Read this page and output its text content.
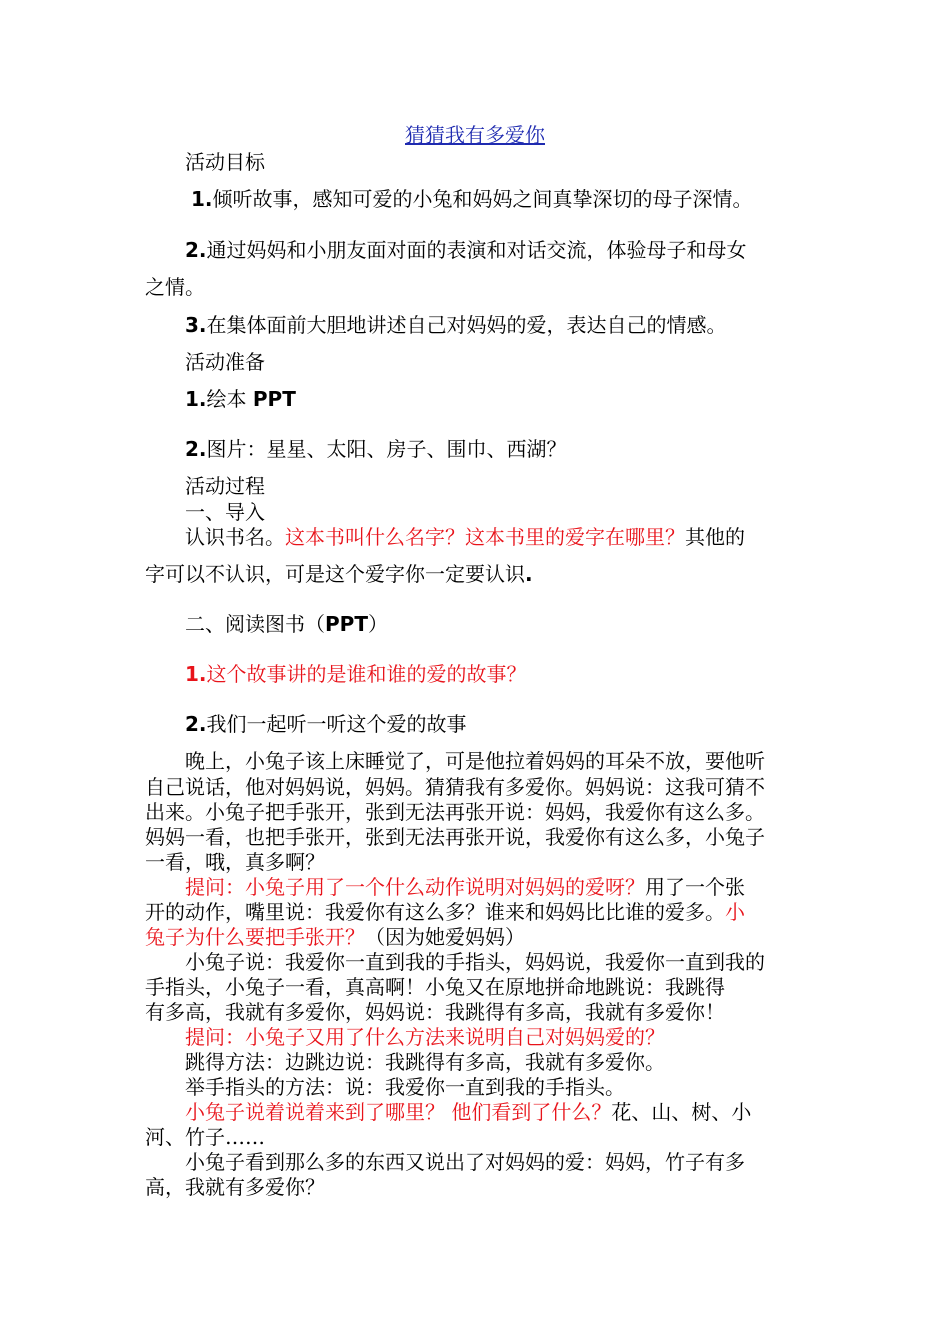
猜猜我有多爱你
活动目标
1.倾听故事，感知可爱的小兔和妈妈之间真挚深切的母子深情。
2.通过妈妈和小朋友面对面的表演和对话交流，体验母子和母女
之情。
3.在集体面前大胆地讲述自己对妈妈的爱，表达自己的情感。
活动准备
1.绘本 PPT
2.图片：星星、太阳、房子、围巾、西湖？
活动过程
一、导入
认识书名。这本书叫什么名字？这本书里的爱字在哪里？其他的
字可以不认识，可是这个爱字你一定要认识.
二、阅读图书（PPT）
1.这个故事讲的是谁和谁的爱的故事？
2.我们一起听一听这个爱的故事
晚上，小兔子该上床睡觉了，可是他拉着妈妈的耳朵不放，要他听
自己说话，他对妈妈说，妈妈。猜猜我有多爱你。妈妈说：这我可猜不
出来。小兔子把手张开，张到无法再张开说：妈妈，我爱你有这么多。
妈妈一看，也把手张开，张到无法再张开说，我爱你有这么多，小兔子
一看，哦，真多啊？
提问：小兔子用了一个什么动作说明对妈妈的爱呀？用了一个张
开的动作，嘴里说：我爱你有这么多？谁来和妈妈比比谁的爱多。小
兔子为什么要把手张开？（因为她爱妈妈）
小兔子说：我爱你一直到我的手指头，妈妈说，我爱你一直到我的
手指头，小兔子一看，真高啊！小兔又在原地拼命地跳说：我跳得
有多高，我就有多爱你，妈妈说：我跳得有多高，我就有多爱你！
提问：小兔子又用了什么方法来说明自己对妈妈爱的？
跳得方法：边跳边说：我跳得有多高，我就有多爱你。
举手指头的方法：说：我爱你一直到我的手指头。
小兔子说着说着来到了哪里？ 他们看到了什么？花、山、树、小
河、竹子……
小兔子看到那么多的东西又说出了对妈妈的爱：妈妈，竹子有多
高，我就有多爱你？
